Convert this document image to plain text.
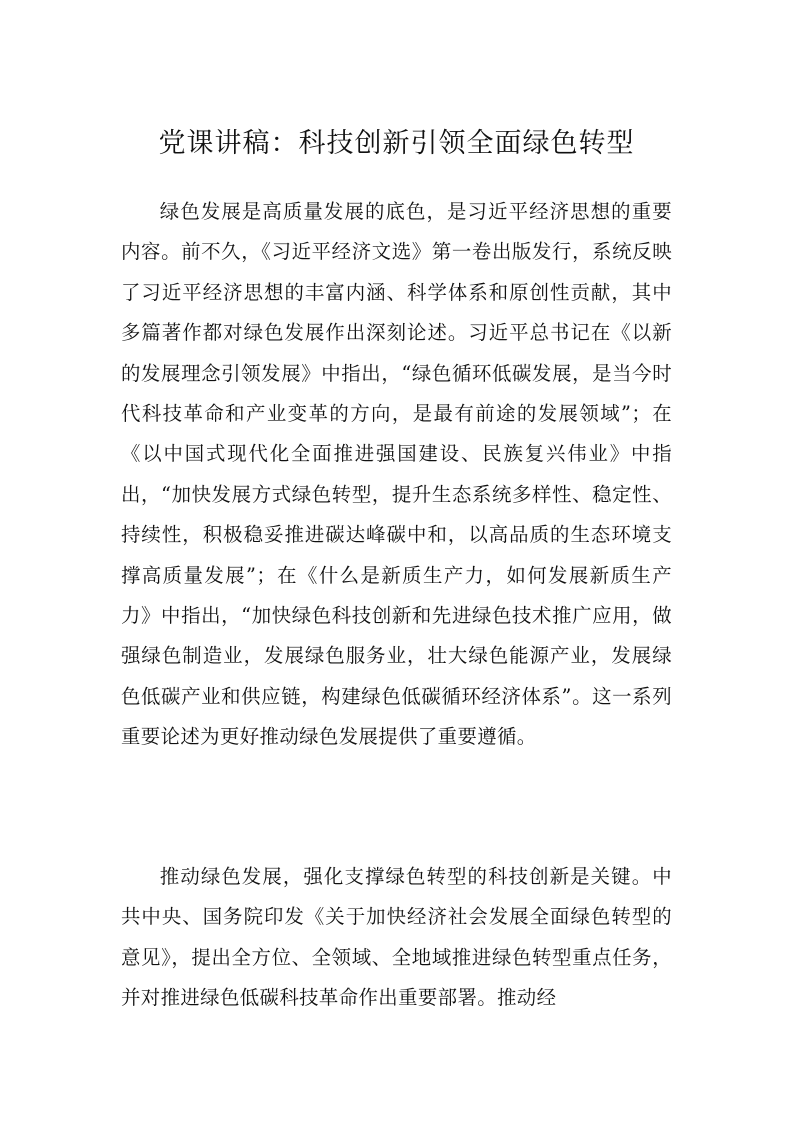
党课讲稿：科技创新引领全面绿色转型

绿色发展是高质量发展的底色，是习近平经济思想的重要内容。前不久，《习近平经济文选》第一卷出版发行，系统反映了习近平经济思想的丰富内涵、科学体系和原创性贡献，其中多篇著作都对绿色发展作出深刻论述。习近平总书记在《以新的发展理念引领发展》中指出，“绿色循环低碳发展，是当今时代科技革命和产业变革的方向，是最有前途的发展领域”；在《以中国式现代化全面推进强国建设、民族复兴伟业》中指出，“加快发展方式绿色转型，提升生态系统多样性、稳定性、持续性，积极稳妥推进碳达峰碳中和，以高品质的生态环境支撑高质量发展”；在《什么是新质生产力，如何发展新质生产力》中指出，“加快绿色科技创新和先进绿色技术推广应用，做强绿色制造业，发展绿色服务业，壮大绿色能源产业，发展绿色低碳产业和供应链，构建绿色低碳循环经济体系”。这一系列重要论述为更好推动绿色发展提供了重要遵循。

推动绿色发展，强化支撑绿色转型的科技创新是关键。中共中央、国务院印发《关于加快经济社会发展全面绿色转型的意见》，提出全方位、全领域、全地域推进绿色转型重点任务，并对推进绿色低碳科技革命作出重要部署。推动经
